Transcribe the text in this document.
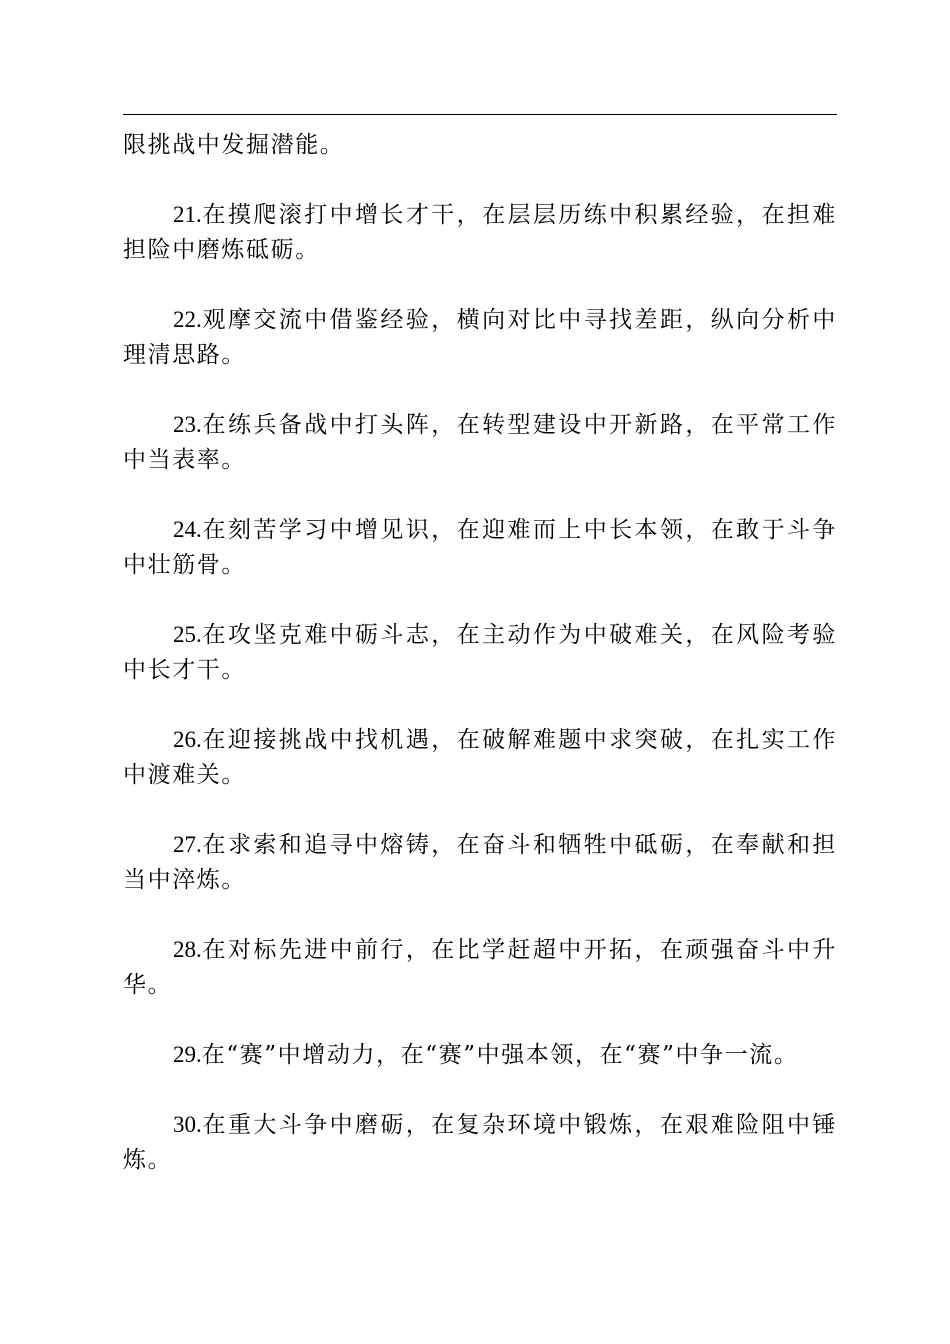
限挑战中发掘潜能。

21.在摸爬滚打中增长才干，在层层历练中积累经验，在担难担险中磨炼砥砺。

22.观摩交流中借鉴经验，横向对比中寻找差距，纵向分析中理清思路。

23.在练兵备战中打头阵，在转型建设中开新路，在平常工作中当表率。

24.在刻苦学习中增见识，在迎难而上中长本领，在敢于斗争中壮筋骨。

25.在攻坚克难中砺斗志，在主动作为中破难关，在风险考验中长才干。

26.在迎接挑战中找机遇，在破解难题中求突破，在扎实工作中渡难关。

27.在求索和追寻中熔铸，在奋斗和牺牲中砥砺，在奉献和担当中淬炼。

28.在对标先进中前行，在比学赶超中开拓，在顽强奋斗中升华。

29.在“赛”中增动力，在“赛”中强本领，在“赛”中争一流。

30.在重大斗争中磨砺，在复杂环境中锻炼，在艰难险阻中锤炼。
